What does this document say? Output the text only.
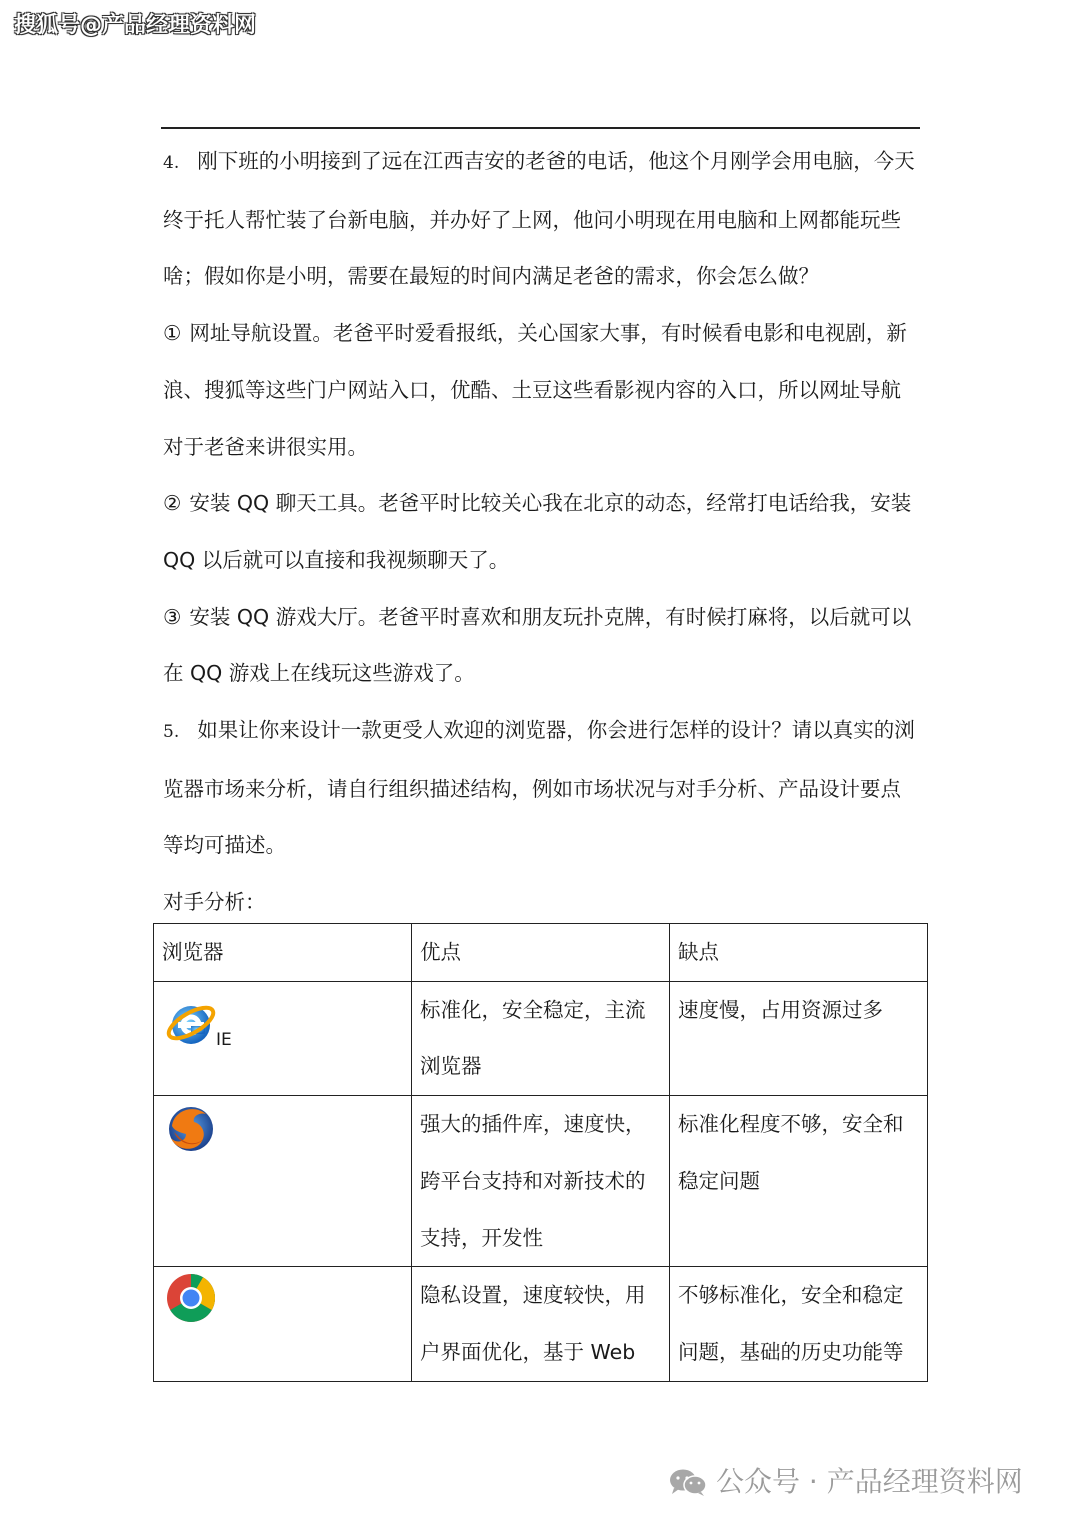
搜狐号@产品经理资料网

4. 刚下班的小明接到了远在江西吉安的老爸的电话，他这个月刚学会用电脑，今天终于托人帮忙装了台新电脑，并办好了上网，他问小明现在用电脑和上网都能玩些啥；假如你是小明，需要在最短的时间内满足老爸的需求，你会怎么做？

① 网址导航设置。老爸平时爱看报纸，关心国家大事，有时候看电影和电视剧，新浪、搜狐等这些门户网站入口，优酷、土豆这些看影视内容的入口，所以网址导航对于老爸来讲很实用。

② 安装 QQ 聊天工具。老爸平时比较关心我在北京的动态，经常打电话给我，安装 QQ 以后就可以直接和我视频聊天了。

③ 安装 QQ 游戏大厅。老爸平时喜欢和朋友玩扑克牌，有时候打麻将，以后就可以在 QQ 游戏上在线玩这些游戏了。

5. 如果让你来设计一款更受人欢迎的浏览器，你会进行怎样的设计？请以真实的浏览器市场来分析，请自行组织描述结构，例如市场状况与对手分析、产品设计要点等均可描述。

对手分析：

浏览器	优点	缺点

IE	标准化，安全稳定，主流浏览器	速度慢，占用资源过多

	强大的插件库，速度快，跨平台支持和对新技术的支持，开发性	标准化程度不够，安全和稳定问题

	隐私设置，速度较快，用户界面优化，基于 Web	不够标准化，安全和稳定问题，基础的历史功能等
公众号 · 产品经理资料网
